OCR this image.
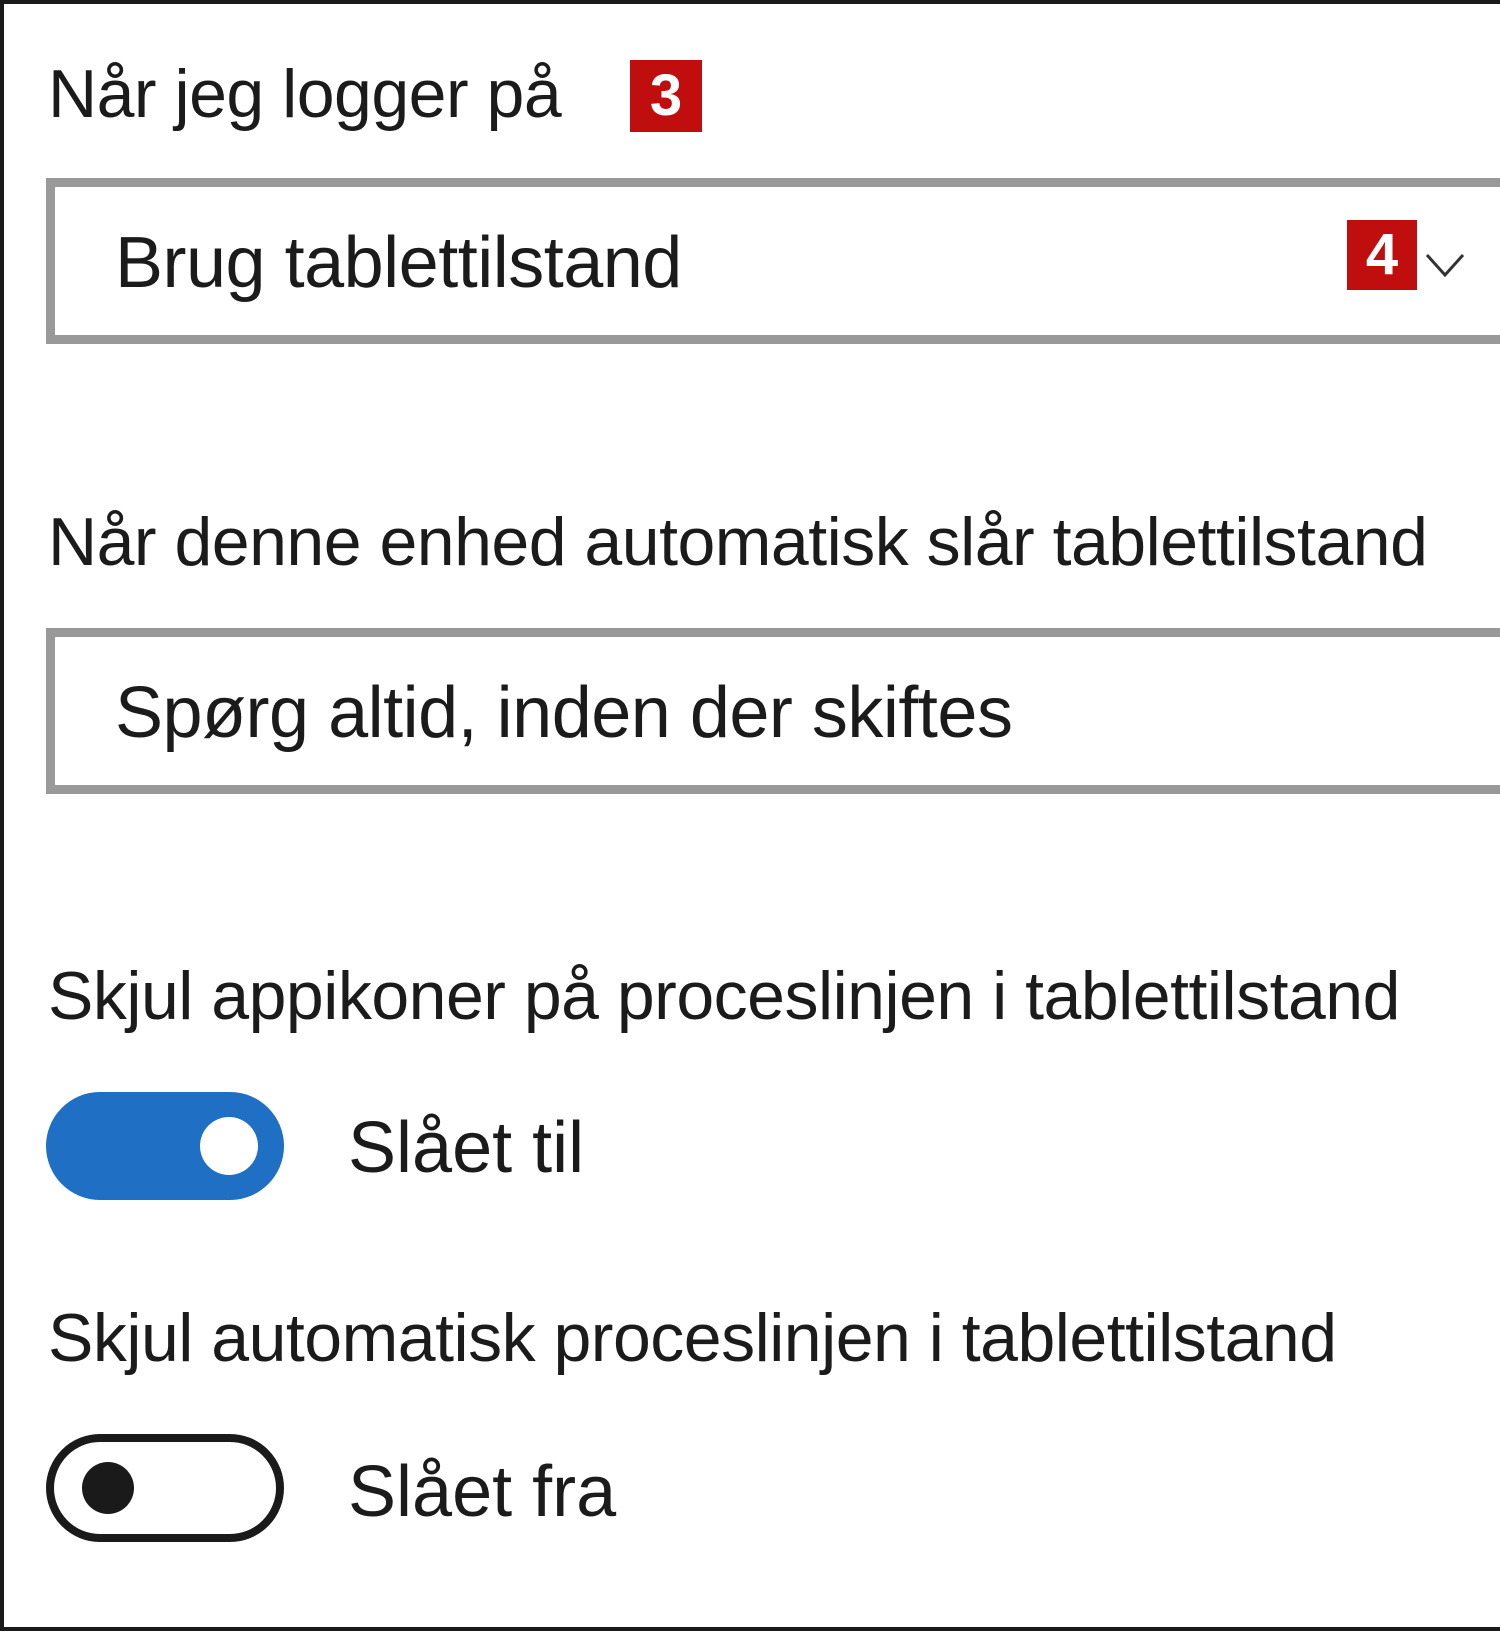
Når jeg logger på	3
Brug tablettilstand	4
Når denne enhed automatisk slår tablettilstand
Spørg altid, inden der skiftes
Skjul appikoner på proceslinjen i tablettilstand
Slået til
Skjul automatisk proceslinjen i tablettilstand
Slået fra
